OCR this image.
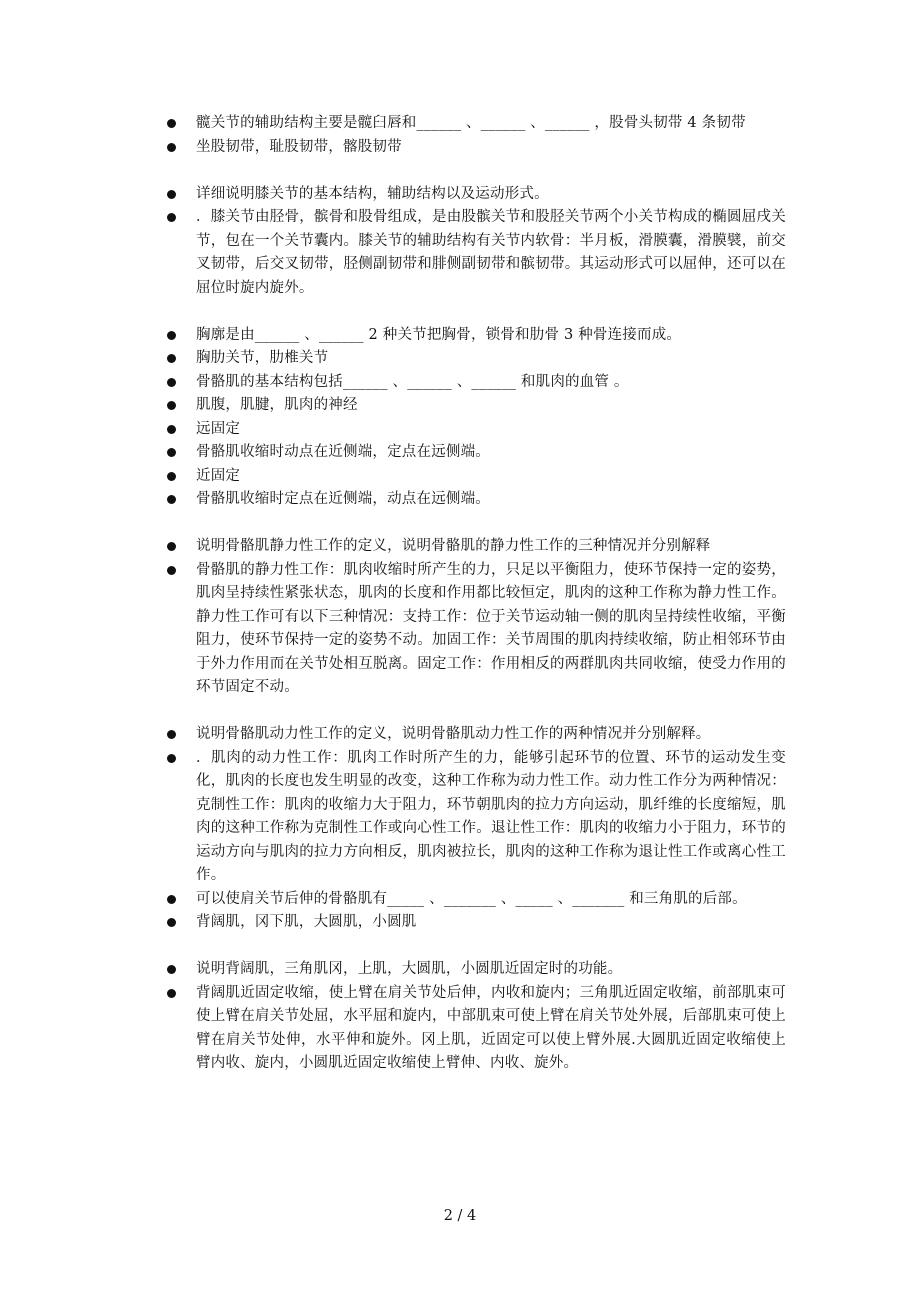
髋关节的辅助结构主要是髋臼唇和______ 、______ 、______ ，股骨头韧带 4 条韧带
坐股韧带，耻股韧带，髂股韧带
详细说明膝关节的基本结构，辅助结构以及运动形式。
．膝关节由胫骨，髌骨和股骨组成，是由股髌关节和股胫关节两个小关节构成的椭圆屈戌关节，包在一个关节囊内。膝关节的辅助结构有关节内软骨：半月板，滑膜囊，滑膜襞，前交叉韧带，后交叉韧带，胫侧副韧带和腓侧副韧带和髌韧带。其运动形式可以屈伸，还可以在屈位时旋内旋外。
胸廓是由______ 、______ 2 种关节把胸骨，锁骨和肋骨 3 种骨连接而成。
胸肋关节，肋椎关节
骨骼肌的基本结构包括______ 、______ 、______ 和肌肉的血管 。
肌腹，肌腱，肌肉的神经
远固定
骨骼肌收缩时动点在近侧端，定点在远侧端。
近固定
骨骼肌收缩时定点在近侧端，动点在远侧端。
说明骨骼肌静力性工作的定义，说明骨骼肌的静力性工作的三种情况并分别解释
骨骼肌的静力性工作：肌肉收缩时所产生的力，只足以平衡阻力，使环节保持一定的姿势，肌肉呈持续性紧张状态，肌肉的长度和作用都比较恒定，肌肉的这种工作称为静力性工作。静力性工作可有以下三种情况：支持工作：位于关节运动轴一侧的肌肉呈持续性收缩，平衡阻力，使环节保持一定的姿势不动。加固工作：关节周围的肌肉持续收缩，防止相邻环节由于外力作用而在关节处相互脱离。固定工作：作用相反的两群肌肉共同收缩，使受力作用的环节固定不动。
说明骨骼肌动力性工作的定义，说明骨骼肌动力性工作的两种情况并分别解释。
．肌肉的动力性工作：肌肉工作时所产生的力，能够引起环节的位置、环节的运动发生变化，肌肉的长度也发生明显的改变，这种工作称为动力性工作。动力性工作分为两种情况：克制性工作：肌肉的收缩力大于阻力，环节朝肌肉的拉力方向运动，肌纤维的长度缩短，肌肉的这种工作称为克制性工作或向心性工作。退让性工作：肌肉的收缩力小于阻力，环节的运动方向与肌肉的拉力方向相反，肌肉被拉长，肌肉的这种工作称为退让性工作或离心性工作。
可以使肩关节后伸的骨骼肌有_____ 、_______ 、_____ 、_______ 和三角肌的后部。
背阔肌，冈下肌，大圆肌，小圆肌
说明背阔肌，三角肌冈，上肌，大圆肌，小圆肌近固定时的功能。
背阔肌近固定收缩，使上臂在肩关节处后伸，内收和旋内；三角肌近固定收缩，前部肌束可使上臂在肩关节处屈，水平屈和旋内，中部肌束可使上臂在肩关节处外展，后部肌束可使上臂在肩关节处伸，水平伸和旋外。冈上肌，近固定可以使上臂外展.大圆肌近固定收缩使上臂内收、旋内，小圆肌近固定收缩使上臂伸、内收、旋外。
2 / 4
